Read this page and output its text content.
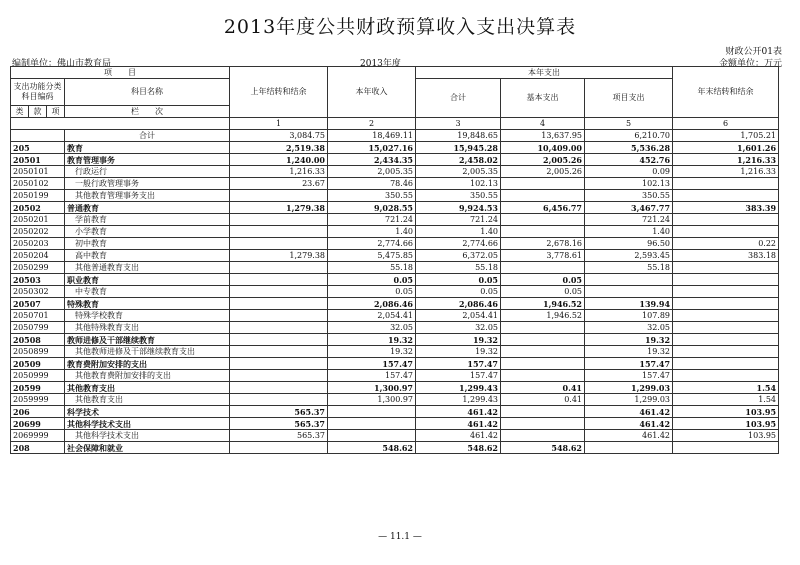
2013年度公共财政预算收入支出决算表
财政公开01表
编制单位：佛山市教育局	2013年度	金额单位：万元
项　　目				上年结转和结余	本年收入	本年支出			年末结转和结余
支出功能分类科目编码			科目名称			合计	基本支出	项目支出	

类	款	项	栏　　次						
				1	2	3	4	5	6
			合计	3,084.75	18,469.11	19,848.65	13,637.95	6,210.70	1,705.21
205			教育	2,519.38	15,027.16	15,945.28	10,409.00	5,536.28	1,601.26
20501			教育管理事务	1,240.00	2,434.35	2,458.02	2,005.26	452.76	1,216.33
2050101			　行政运行	1,216.33	2,005.35	2,005.35	2,005.26	0.09	1,216.33
2050102			　一般行政管理事务	23.67	78.46	102.13		102.13	
2050199			　其他教育管理事务支出		350.55	350.55		350.55	
20502			普通教育	1,279.38	9,028.55	9,924.53	6,456.77	3,467.77	383.39
2050201			　学前教育		721.24	721.24		721.24	
2050202			　小学教育		1.40	1.40		1.40	
2050203			　初中教育		2,774.66	2,774.66	2,678.16	96.50	0.22
2050204			　高中教育	1,279.38	5,475.85	6,372.05	3,778.61	2,593.45	383.18
2050299			　其他普通教育支出		55.18	55.18		55.18	
20503			职业教育		0.05	0.05	0.05		
2050302			　中专教育		0.05	0.05	0.05		
20507			特殊教育		2,086.46	2,086.46	1,946.52	139.94	
2050701			　特殊学校教育		2,054.41	2,054.41	1,946.52	107.89	
2050799			　其他特殊教育支出		32.05	32.05		32.05	
20508			教师进修及干部继续教育		19.32	19.32		19.32	
2050899			　其他教师进修及干部继续教育支出		19.32	19.32		19.32	
20509			教育费附加安排的支出		157.47	157.47		157.47	
2050999			　其他教育费附加安排的支出		157.47	157.47		157.47	
20599			其他教育支出		1,300.97	1,299.43	0.41	1,299.03	1.54
2059999			　其他教育支出		1,300.97	1,299.43	0.41	1,299.03	1.54
206			科学技术	565.37		461.42		461.42	103.95
20699			其他科学技术支出	565.37		461.42		461.42	103.95
2069999			　其他科学技术支出	565.37		461.42		461.42	103.95
208			社会保障和就业		548.62	548.62	548.62		
— 11.1 —
